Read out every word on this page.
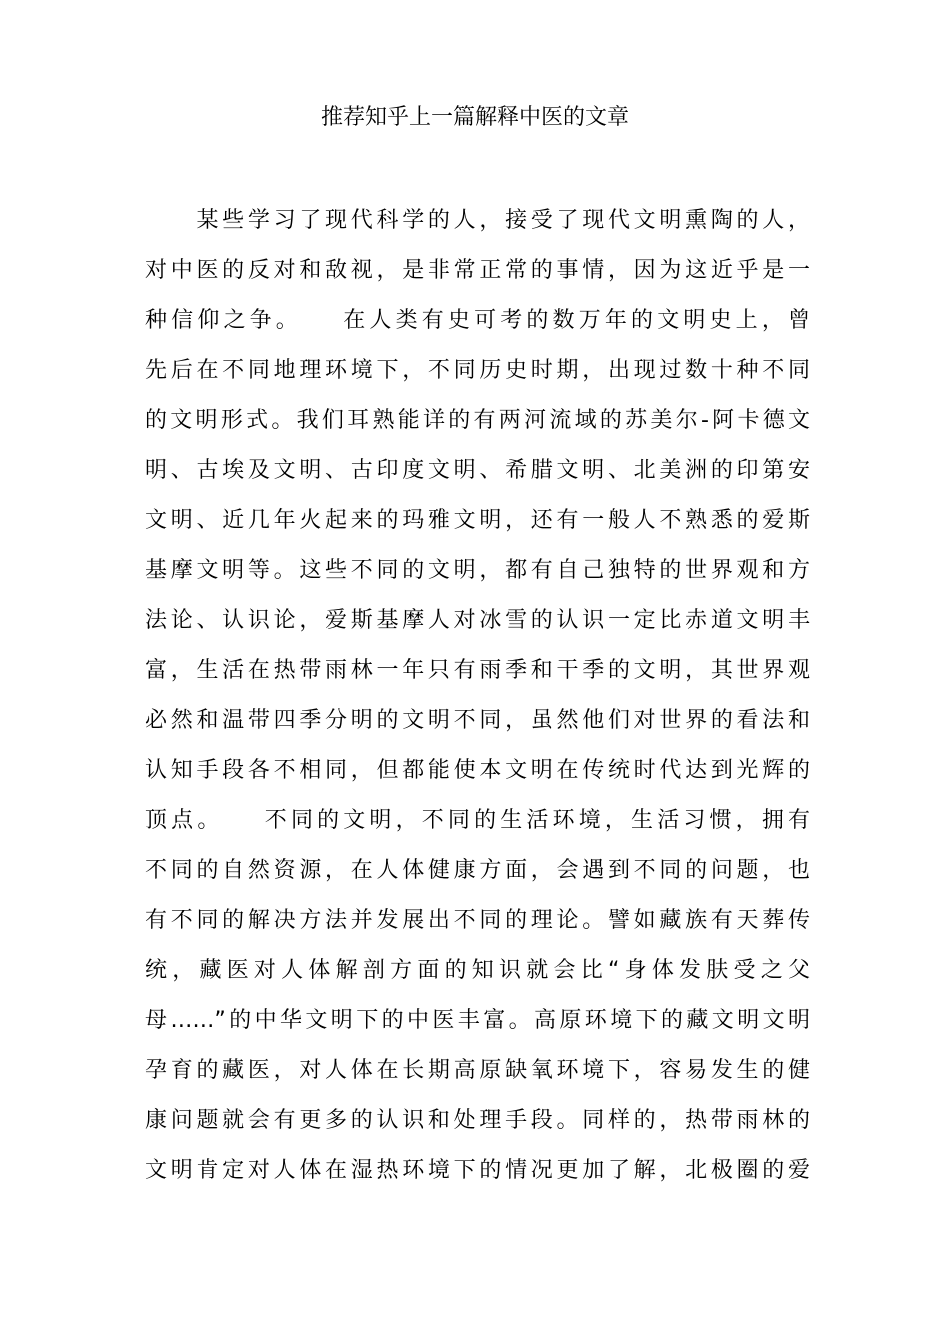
推荐知乎上一篇解释中医的文章
　　某些学习了现代科学的人，接受了现代文明熏陶的人，
对中医的反对和敌视，是非常正常的事情，因为这近乎是一
种信仰之争。　　在人类有史可考的数万年的文明史上，曾
先后在不同地理环境下，不同历史时期，出现过数十种不同
的文明形式。我们耳熟能详的有两河流域的苏美尔-阿卡德文
明、古埃及文明、古印度文明、希腊文明、北美洲的印第安
文明、近几年火起来的玛雅文明，还有一般人不熟悉的爱斯
基摩文明等。这些不同的文明，都有自己独特的世界观和方
法论、认识论，爱斯基摩人对冰雪的认识一定比赤道文明丰
富，生活在热带雨林一年只有雨季和干季的文明，其世界观
必然和温带四季分明的文明不同，虽然他们对世界的看法和
认知手段各不相同，但都能使本文明在传统时代达到光辉的
顶点。　　不同的文明，不同的生活环境，生活习惯，拥有
不同的自然资源，在人体健康方面，会遇到不同的问题，也
有不同的解决方法并发展出不同的理论。譬如藏族有天葬传
统，藏医对人体解剖方面的知识就会比“身体发肤受之父
母……”的中华文明下的中医丰富。高原环境下的藏文明文明
孕育的藏医，对人体在长期高原缺氧环境下，容易发生的健
康问题就会有更多的认识和处理手段。同样的，热带雨林的
文明肯定对人体在湿热环境下的情况更加了解，北极圈的爱
